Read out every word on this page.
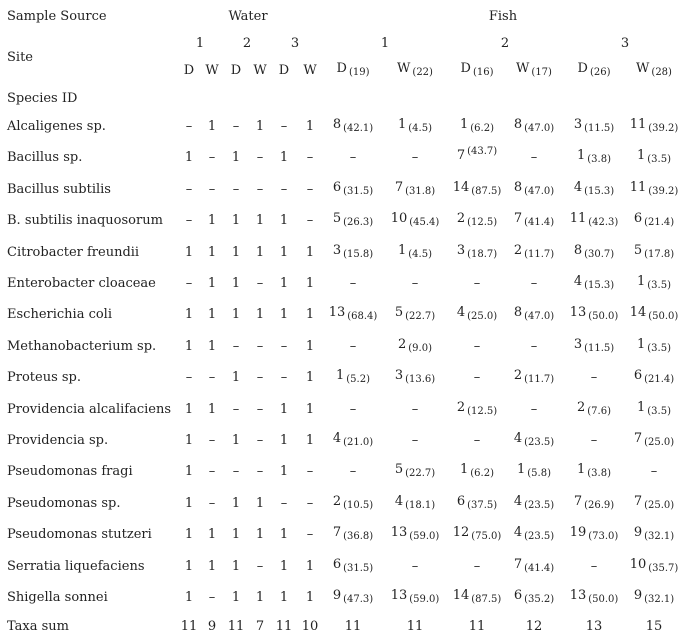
Sample Source	Water	Fish
Site
1	2	3	1	2	3
Species ID
D W D W D W D $_{(19)}$ W $_{(22)}$ D $_{(16)}$ W $_{(17)}$ D $_{(26)}$ W $_{(28)}$
Alcaligenes sp.	– 1 – 1 – 1 8 $_{(42.1)}$ 1 $_{(4.5)}$ 1 $_{(6.2)}$ 8 $_{(47.0)}$ 3 $_{(11.5)}$ 11 $_{(39.2)}$
Bacillus sp.	1 – 1 – 1 –	–	–	7 $^{(43.7)}$	–	1 $_{(3.8)}$ 1 $_{(3.5)}$
Bacillus subtilis	– – – – – – 6 $_{(31.5)}$ 7 $_{(31.8)}$ 14 $_{(87.5)}$ 8 $_{(47.0)}$ 4 $_{(15.3)}$ 11 $_{(39.2)}$
B. subtilis inaquosorum – 1 1 1 1 – 5 $_{(26.3)}$ 10 $_{(45.4)}$ 2 $_{(12.5)}$ 7 $_{(41.4)}$ 11 $_{(42.3)}$ 6 $_{(21.4)}$
Citrobacter freundii	1 1 1 1 1 1 3 $_{(15.8)}$ 1 $_{(4.5)}$ 3 $_{(18.7)}$ 2 $_{(11.7)}$ 8 $_{(30.7)}$ 5 $_{(17.8)}$
Enterobacter cloaceae – 1 1 – 1 1	–	–	–	–	4 $_{(15.3)}$ 1 $_{(3.5)}$
Escherichia coli	1 1 1 1 1 1 13 $_{(68.4)}$ 5 $_{(22.7)}$ 4 $_{(25.0)}$ 8 $_{(47.0)}$ 13 $_{(50.0)}$ 14 $_{(50.0)}$
Methanobacterium sp. 1 1 – – – 1	–	2 $_{(9.0)}$	–	–	3 $_{(11.5)}$ 1 $_{(3.5)}$
Proteus sp.	– – 1 – – 1 1 $_{(5.2)}$ 3 $_{(13.6)}$	–	2 $_{(11.7)}$	–	6 $_{(21.4)}$
Providencia alcalifaciens 1 1 – – 1 1	–	–	2 $_{(12.5)}$	–	2 $_{(7.6)}$ 1 $_{(3.5)}$
Providencia sp.	1 – 1 – 1 1 4 $_{(21.0)}$	–	–	4 $_{(23.5)}$	–	7 $_{(25.0)}$
Pseudomonas fragi	1 – – – 1 –	–	5 $_{(22.7)}$ 1 $_{(6.2)}$ 1 $_{(5.8)}$ 1 $_{(3.8)}$	–
Pseudomonas sp.	1 – 1 1 – – 2 $_{(10.5)}$ 4 $_{(18.1)}$ 6 $_{(37.5)}$ 4 $_{(23.5)}$ 7 $_{(26.9)}$ 7 $_{(25.0)}$
Pseudomonas stutzeri	1 1 1 1 1 – 7 $_{(36.8)}$ 13 $_{(59.0)}$ 12 $_{(75.0)}$ 4 $_{(23.5)}$ 19 $_{(73.0)}$ 9 $_{(32.1)}$
Serratia liquefaciens	1 1 1 – 1 1 6 $_{(31.5)}$	–	–	7 $_{(41.4)}$	– 10 $_{(35.7)}$
Shigella sonnei	1 – 1 1 1 1 9 $_{(47.3)}$ 13 $_{(59.0)}$ 14 $_{(87.5)}$ 6 $_{(35.2)}$ 13 $_{(50.0)}$ 9 $_{(32.1)}$
Taxa sum	11 9 11 7 11 10 11	11	11	12	13	15
